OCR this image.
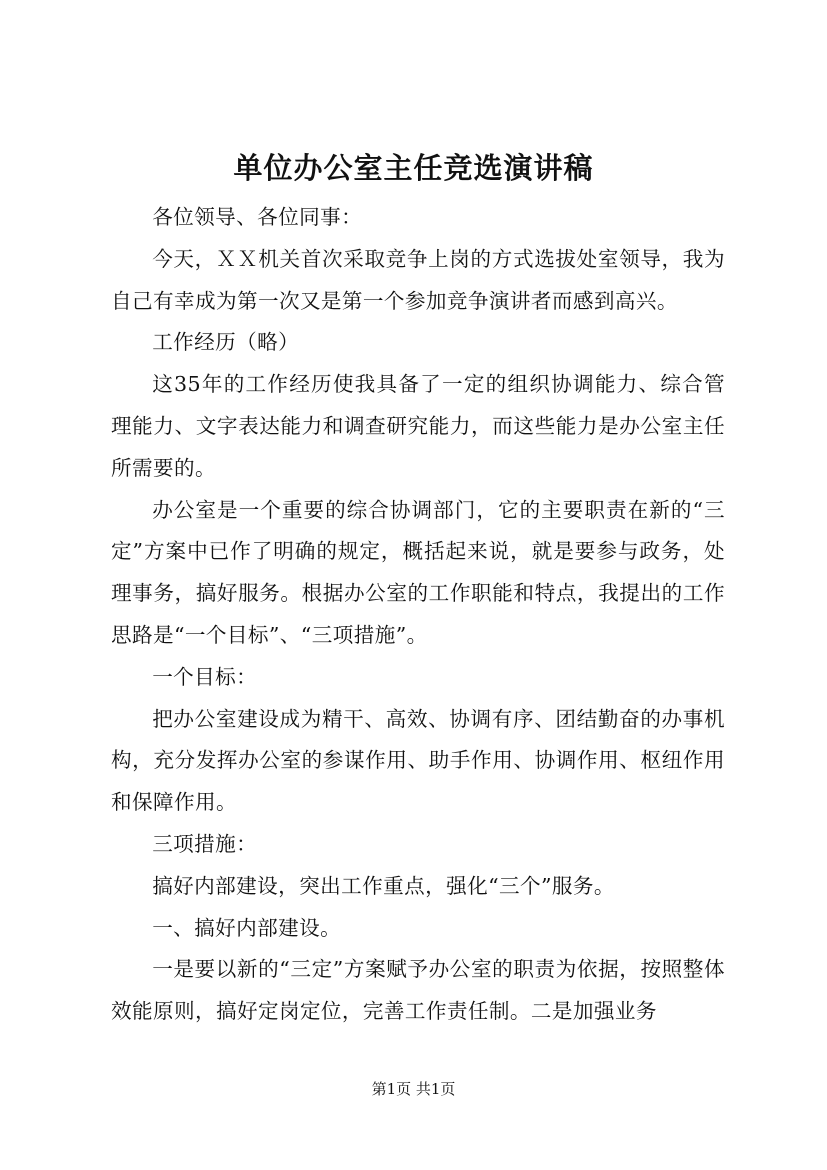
单位办公室主任竞选演讲稿

各位领导、各位同事：

今天，ＸＸ机关首次采取竞争上岗的方式选拔处室领导，我为自己有幸成为第一次又是第一个参加竞争演讲者而感到高兴。

工作经历（略）

这35年的工作经历使我具备了一定的组织协调能力、综合管理能力、文字表达能力和调查研究能力，而这些能力是办公室主任所需要的。

办公室是一个重要的综合协调部门，它的主要职责在新的“三定”方案中已作了明确的规定，概括起来说，就是要参与政务，处理事务，搞好服务。根据办公室的工作职能和特点，我提出的工作思路是“一个目标”、“三项措施”。

一个目标：

把办公室建设成为精干、高效、协调有序、团结勤奋的办事机构，充分发挥办公室的参谋作用、助手作用、协调作用、枢纽作用和保障作用。

三项措施：

搞好内部建设，突出工作重点，强化“三个”服务。

一、搞好内部建设。

一是要以新的“三定”方案赋予办公室的职责为依据，按照整体效能原则，搞好定岗定位，完善工作责任制。二是加强业务

第1页 共1页
